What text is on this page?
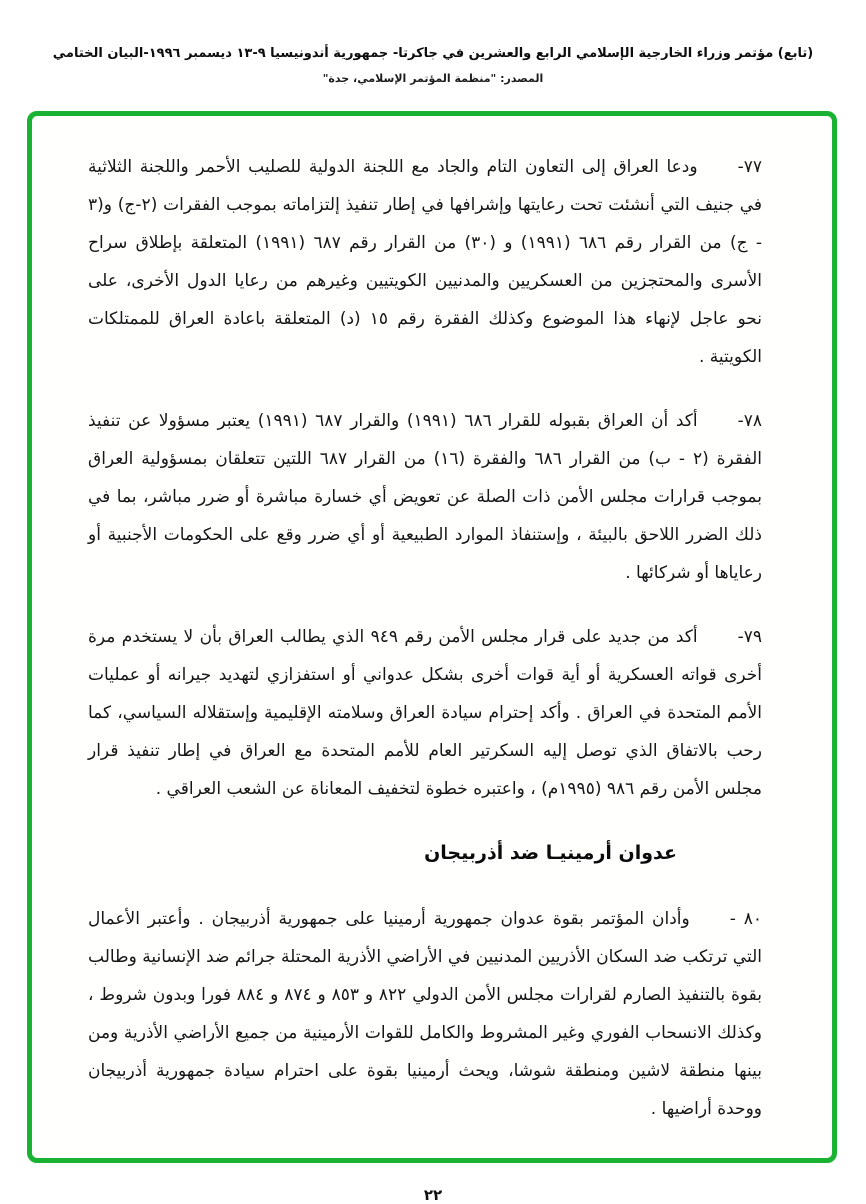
(تابع) مؤتمر وزراء الخارجية الإسلامي الرابع والعشرين في جاكرتا- جمهورية أندونيسيا ٩-١٣ ديسمبر ١٩٩٦-البيان الختامي
المصدر: "منظمة المؤتمر الإسلامي، جدة"

٧٧-ودعا العراق إلى التعاون التام والجاد مع اللجنة الدولية للصليب الأحمر واللجنة الثلاثية في جنيف التي أنشئت تحت رعايتها وإشرافها في إطار تنفيذ إلتزاماته بموجب الفقرات (٢-ج) و(٣ - ج) من القرار رقم ٦٨٦ (١٩٩١) و (٣٠) من القرار رقم ٦٨٧ (١٩٩١) المتعلقة بإطلاق سراح الأسرى والمحتجزين من العسكريين والمدنيين الكويتيين وغيرهم من رعايا الدول الأخرى، على نحو عاجل لإنهاء هذا الموضوع وكذلك الفقرة رقم ١٥ (د) المتعلقة باعادة العراق للممتلكات الكويتية .

٧٨-أكد أن العراق بقبوله للقرار ٦٨٦ (١٩٩١) والقرار ٦٨٧ (١٩٩١) يعتبر مسؤولا عن تنفيذ الفقرة (٢ - ب) من القرار ٦٨٦ والفقرة (١٦) من القرار ٦٨٧ اللتين تتعلقان بمسؤولية العراق بموجب قرارات مجلس الأمن ذات الصلة عن تعويض أي خسارة مباشرة أو ضرر مباشر، بما في ذلك الضرر اللاحق بالبيئة ، وإستنفاذ الموارد الطبيعية أو أي ضرر وقع على الحكومات الأجنبية أو رعاياها أو شركائها .

٧٩-أكد من جديد على قرار مجلس الأمن رقم ٩٤٩ الذي يطالب العراق بأن لا يستخدم مرة أخرى قواته العسكرية أو أية قوات أخرى بشكل عدواني أو استفزازي لتهديد جيرانه أو عمليات الأمم المتحدة في العراق . وأكد إحترام سيادة العراق وسلامته الإقليمية وإستقلاله السياسي، كما رحب بالاتفاق الذي توصل إليه السكرتير العام للأمم المتحدة مع العراق في إطار تنفيذ قرار مجلس الأمن رقم ٩٨٦ (١٩٩٥م) ، واعتبره خطوة لتخفيف المعاناة عن الشعب العراقي .

عدوان أرمينيـا ضد أذربيجان

٨٠ -وأدان المؤتمر بقوة عدوان جمهورية أرمينيا على جمهورية أذربيجان . وأعتبر الأعمال التي ترتكب ضد السكان الأذريين المدنيين في الأراضي الأذرية المحتلة جرائم ضد الإنسانية وطالب بقوة بالتنفيذ الصارم لقرارات مجلس الأمن الدولي ٨٢٢ و ٨٥٣ و ٨٧٤ و ٨٨٤ فورا وبدون شروط ، وكذلك الانسحاب الفوري وغير المشروط والكامل للقوات الأرمينية من جميع الأراضي الأذرية ومن بينها منطقة لاشين ومنطقة شوشا، ويحث أرمينيا بقوة على احترام سيادة جمهورية أذربيجان ووحدة أراضيها .

٢٢
